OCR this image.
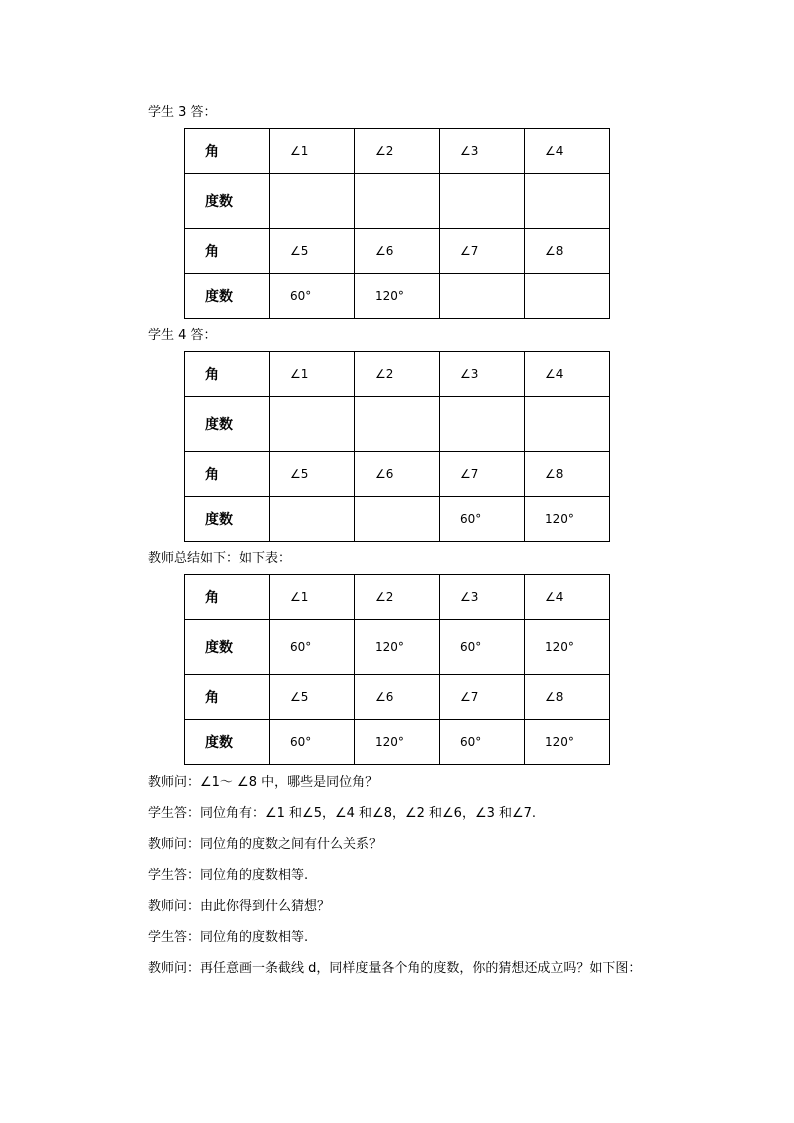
学生 3 答：
角	∠1	∠2	∠3	∠4
度数				
角	∠5	∠6	∠7	∠8
度数	60°	120°		
学生 4 答：
角	∠1	∠2	∠3	∠4
度数				
角	∠5	∠6	∠7	∠8
度数			60°	120°
教师总结如下：如下表：
角	∠1	∠2	∠3	∠4
度数	60°	120°	60°	120°
角	∠5	∠6	∠7	∠8
度数	60°	120°	60°	120°
教师问：∠1～ ∠8 中，哪些是同位角？
学生答：同位角有：∠1 和∠5，∠4 和∠8，∠2 和∠6，∠3 和∠7.
教师问：同位角的度数之间有什么关系？
学生答：同位角的度数相等.
教师问：由此你得到什么猜想？
学生答：同位角的度数相等.
教师问：再任意画一条截线 d，同样度量各个角的度数，你的猜想还成立吗？如下图：
